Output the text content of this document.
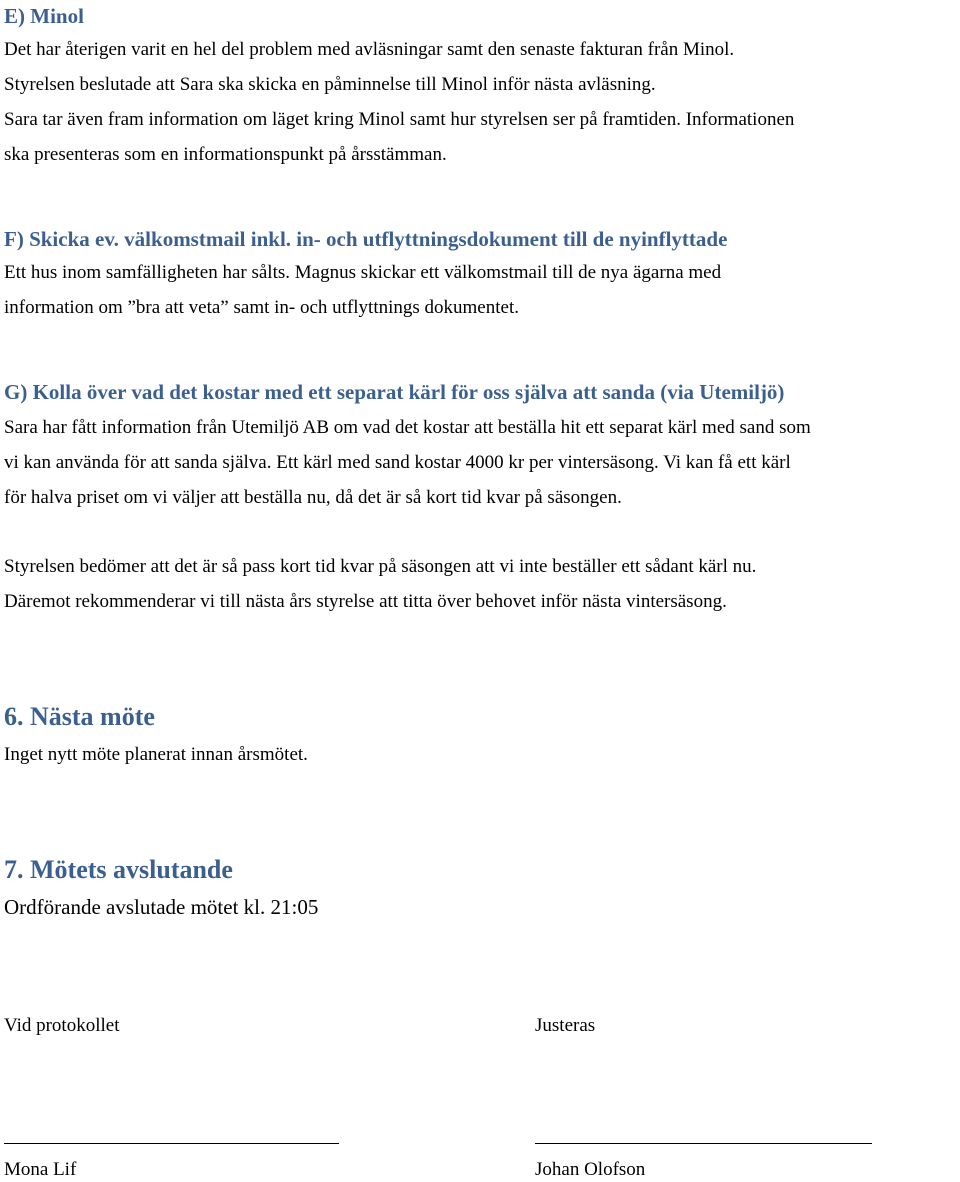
E) Minol
Det har återigen varit en hel del problem med avläsningar samt den senaste fakturan från Minol.
Styrelsen beslutade att Sara ska skicka en påminnelse till Minol inför nästa avläsning.
Sara tar även fram information om läget kring Minol samt hur styrelsen ser på framtiden. Informationen
ska presenteras som en informationspunkt på årsstämman.
F) Skicka ev. välkomstmail inkl. in- och utflyttningsdokument till de nyinflyttade
Ett hus inom samfälligheten har sålts. Magnus skickar ett välkomstmail till de nya ägarna med
information om ”bra att veta” samt in- och utflyttnings dokumentet.
G) Kolla över vad det kostar med ett separat kärl för oss själva att sanda (via Utemiljö)
Sara har fått information från Utemiljö AB om vad det kostar att beställa hit ett separat kärl med sand som
vi kan använda för att sanda själva. Ett kärl med sand kostar 4000 kr per vintersäsong. Vi kan få ett kärl
för halva priset om vi väljer att beställa nu, då det är så kort tid kvar på säsongen.
Styrelsen bedömer att det är så pass kort tid kvar på säsongen att vi inte beställer ett sådant kärl nu.
Däremot rekommenderar vi till nästa års styrelse att titta över behovet inför nästa vintersäsong.
6. Nästa möte
Inget nytt möte planerat innan årsmötet.
7. Mötets avslutande
Ordförande avslutade mötet kl. 21:05
Vid protokollet	Justeras
Mona Lif	Johan Olofson
